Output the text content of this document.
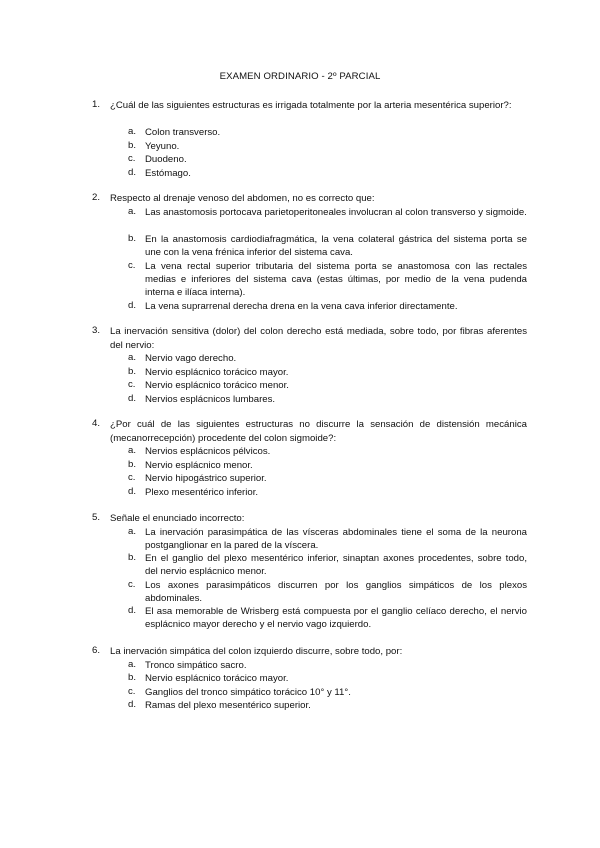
EXAMEN ORDINARIO - 2º PARCIAL
1. ¿Cuál de las siguientes estructuras es irrigada totalmente por la arteria mesentérica superior?:

a. Colon transverso.
b. Yeyuno.
c. Duodeno.
d. Estómago.
2. Respecto al drenaje venoso del abdomen, no es correcto que:

a. Las anastomosis portocava parietoperitoneales involucran al colon transverso y sigmoide.
b. En la anastomosis cardiodiafragmática, la vena colateral gástrica del sistema porta se une con la vena frénica inferior del sistema cava.
c. La vena rectal superior tributaria del sistema porta se anastomosa con las rectales medias e inferiores del sistema cava (estas últimas, por medio de la vena pudenda interna e ilíaca interna).
d. La vena suprarrenal derecha drena en la vena cava inferior directamente.
3. La inervación sensitiva (dolor) del colon derecho está mediada, sobre todo, por fibras aferentes del nervio:

a. Nervio vago derecho.
b. Nervio esplácnico torácico mayor.
c. Nervio esplácnico torácico menor.
d. Nervios esplácnicos lumbares.
4. ¿Por cuál de las siguientes estructuras no discurre la sensación de distensión mecánica (mecanorrecepción) procedente del colon sigmoide?:

a. Nervios esplácnicos pélvicos.
b. Nervio esplácnico menor.
c. Nervio hipogástrico superior.
d. Plexo mesentérico inferior.
5. Señale el enunciado incorrecto:

a. La inervación parasimpática de las vísceras abdominales tiene el soma de la neurona postganglionar en la pared de la víscera.
b. En el ganglio del plexo mesentérico inferior, sinaptan axones procedentes, sobre todo, del nervio esplácnico menor.
c. Los axones parasimpáticos discurren por los ganglios simpáticos de los plexos abdominales.
d. El asa memorable de Wrisberg está compuesta por el ganglio celíaco derecho, el nervio esplácnico mayor derecho y el nervio vago izquierdo.
6. La inervación simpática del colon izquierdo discurre, sobre todo, por:

a. Tronco simpático sacro.
b. Nervio esplácnico torácico mayor.
c. Ganglios del tronco simpático torácico 10° y 11°.
d. Ramas del plexo mesentérico superior.
